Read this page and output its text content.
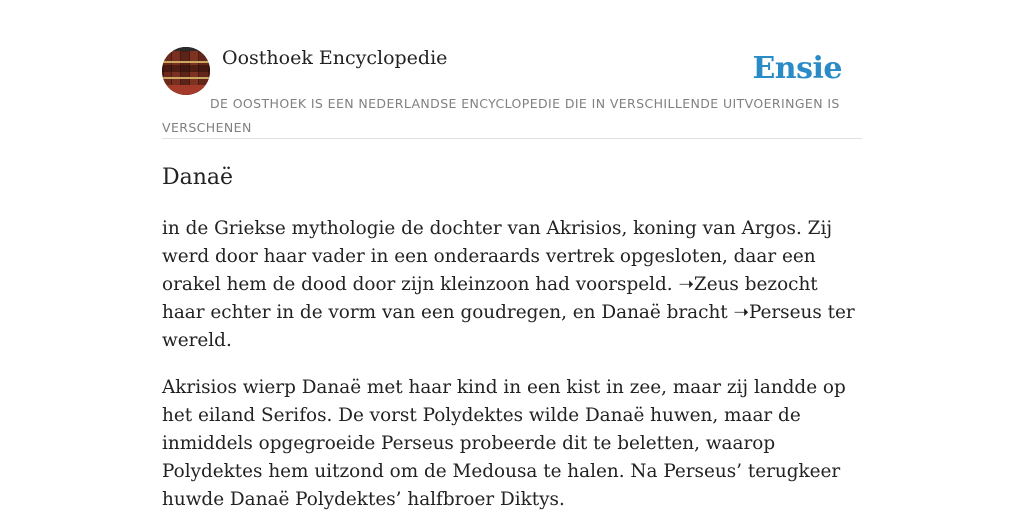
Oosthoek Encyclopedie	Ensie
DE OOSTHOEK IS EEN NEDERLANDSE ENCYCLOPEDIE DIE IN VERSCHILLENDE UITVOERINGEN IS VERSCHENEN
Danaë

in de Griekse mythologie de dochter van Akrisios, koning van Argos. Zij werd door haar vader in een onderaards vertrek opgesloten, daar een orakel hem de dood door zijn kleinzoon had voorspeld. ➝Zeus bezocht haar echter in de vorm van een goudregen, en Danaë bracht ➝Perseus ter wereld.

Akrisios wierp Danaë met haar kind in een kist in zee, maar zij landde op het eiland Serifos. De vorst Polydektes wilde Danaë huwen, maar de inmiddels opgegroeide Perseus probeerde dit te beletten, waarop Polydektes hem uitzond om de Medousa te halen. Na Perseus’ terugkeer huwde Danaë Polydektes’ halfbroer Diktys.
